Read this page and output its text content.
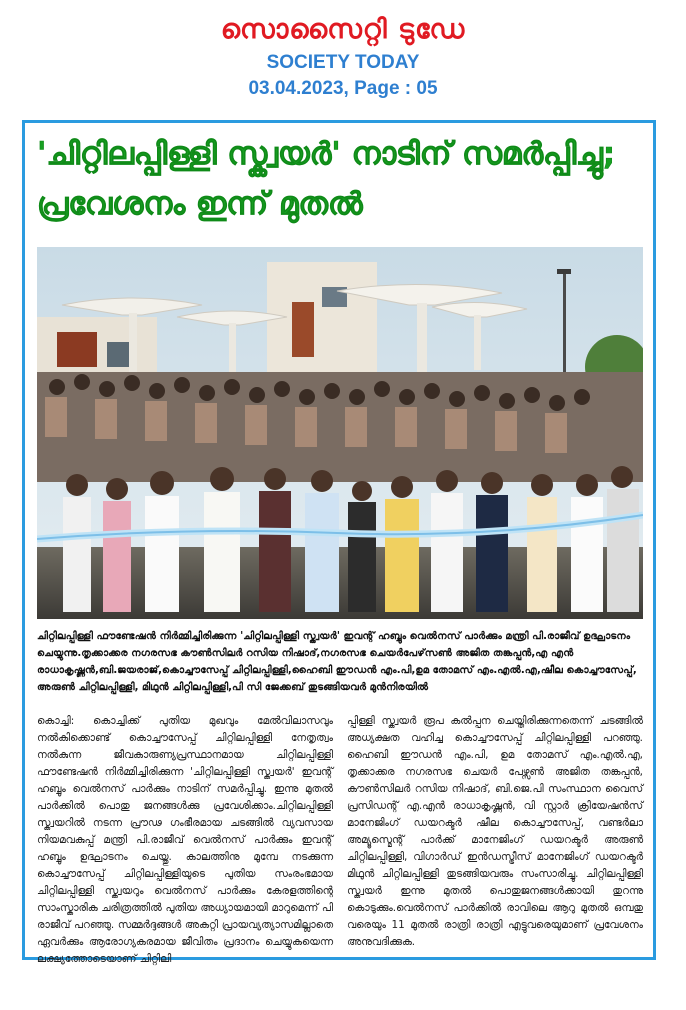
സൊസൈറ്റി ടുഡേ
SOCIETY TODAY
03.04.2023, Page : 05
'ചിറ്റിലപ്പിള്ളി സ്ക്വയർ' നാടിന് സമർപ്പിച്ചു; പ്രവേശനം ഇന്ന് മുതൽ
ചിറ്റിലപ്പിള്ളി ഫൗണ്ടേഷൻ നിർമ്മിച്ചിരിക്കുന്ന 'ചിറ്റിലപ്പിള്ളി സ്ക്വയർ' ഇവന്റ് ഹബ്ബും വെൽനസ് പാർക്കും മന്ത്രി പി.രാജീവ് ഉദ്ഘാടനം ചെയ്യുന്നു.തൃക്കാക്കര നഗരസഭ കൗൺസിലർ റസിയ നിഷാദ്,നഗരസഭ ചെയർപേഴ്‌സൺ അജിത തങ്കപ്പൻ,എ എൻ രാധാകൃഷ്ണൻ,ബി.ജയരാജ്,കൊച്ചൗസേപ്പ് ചിറ്റിലപ്പിള്ളി,ഹൈബി ഈഡൻ എം.പി,ഉമ തോമസ് എം.എൽ.എ,ഷീല കൊച്ചൗസേപ്പ്, അരുൺ ചിറ്റിലപ്പിള്ളി, മിഥുൻ ചിറ്റിലപ്പിള്ളി,പി സി ജേക്കബ് തുടങ്ങിയവർ മുൻനിരയിൽ
കൊച്ചി: കൊച്ചിക്ക് പുതിയ മുഖവും മേൽവിലാസവും നൽകിക്കൊണ്ട് കൊച്ചൗസേപ്പ് ചിറ്റിലപ്പിള്ളി നേതൃത്വം നൽകുന്ന ജീവകാരുണ്യപ്രസ്ഥാനമായ ചിറ്റിലപ്പിള്ളി ഫൗണ്ടേഷൻ നിർമ്മിച്ചിരിക്കുന്ന 'ചിറ്റിലപ്പിള്ളി സ്ക്വയർ' ഇവന്റ് ഹബ്ബും വെൽനസ് പാർക്കും നാടിന് സമർപ്പിച്ചു. ഇന്നു മുതൽ പാർക്കിൽ പൊതു ജനങ്ങൾക്കു പ്രവേശിക്കാം.ചിറ്റിലപ്പിള്ളി സ്ക്വയറിൽ നടന്ന പ്രൗഢ ഗംഭീരമായ ചടങ്ങിൽ വ്യവസായ നിയമവകുപ്പ് മന്ത്രി പി.രാജീവ് വെൽനസ് പാർക്കും ഇവന്റ് ഹബ്ബും ഉദ്ഘാടനം ചെയ്തു. കാലത്തിനു മുമ്പേ നടക്കുന്ന കൊച്ചൗസേപ്പ് ചിറ്റിലപ്പിള്ളിയുടെ പുതിയ സംരംഭമായ ചിറ്റിലപ്പിള്ളി സ്ക്വയറും വെൽനസ് പാർക്കും കേരളത്തിന്റെ സാംസ്കാരിക ചരിത്രത്തിൽ പുതിയ അധ്യായമായി മാറുമെന്ന് പി രാജീവ് പറഞ്ഞു. സമ്മർദ്ദങ്ങൾ അകറ്റി പ്രായവ്യത്യാസമില്ലാതെ ഏവർക്കും ആരോഗ്യകരമായ ജീവിതം പ്രദാനം ചെയ്യുകയെന്ന ലക്ഷ്യത്തോടെയാണ് ചിറ്റിലി
പ്പിള്ളി സ്ക്വയർ രൂപ കൽപ്പന ചെയ്തിരിക്കുന്നതെന്ന് ചടങ്ങിൽ അധ്യക്ഷത വഹിച്ച കൊച്ചൗസേപ്പ് ചിറ്റിലപ്പിള്ളി പറഞ്ഞു. ഹൈബി ഈഡൻ എം.പി, ഉമ തോമസ് എം.എൽ.എ, തൃക്കാക്കര നഗരസഭ ചെയർ പേഴ്സൺ അജിത തങ്കപ്പൻ, കൗൺസിലർ റസിയ നിഷാദ്, ബി.ജെ.പി സംസ്ഥാന വൈസ് പ്രസിഡന്റ് എ.എൻ രാധാകൃഷ്ണൻ, വി സ്റ്റാർ ക്രിയേഷൻസ് മാനേജിംഗ് ഡയറക്ടർ ഷീല കൊച്ചൗസേപ്പ്, വണ്ടർലാ അമ്യൂസ്മെന്റ് പാർക്ക് മാനേജിംഗ് ഡയറക്ടർ അരുൺ ചിറ്റിലപ്പിള്ളി, വിഗാർഡ് ഇൻഡസ്ട്രീസ് മാനേജിംഗ് ഡയറക്ടർ മിഥുൻ ചിറ്റിലപ്പിള്ളി തുടങ്ങിയവരും സംസാരിച്ചു. ചിറ്റിലപ്പിള്ളി സ്ക്വയർ ഇന്നു മുതൽ പൊതുജനങ്ങൾക്കായി തുറന്നു കൊടുക്കും.വെൽനസ് പാർക്കിൽ രാവിലെ ആറു മുതൽ ഒമ്പതു വരെയും 11 മുതൽ രാത്രി രാത്രി എട്ടുവരെയുമാണ് പ്രവേശനം അനുവദിക്കുക.
